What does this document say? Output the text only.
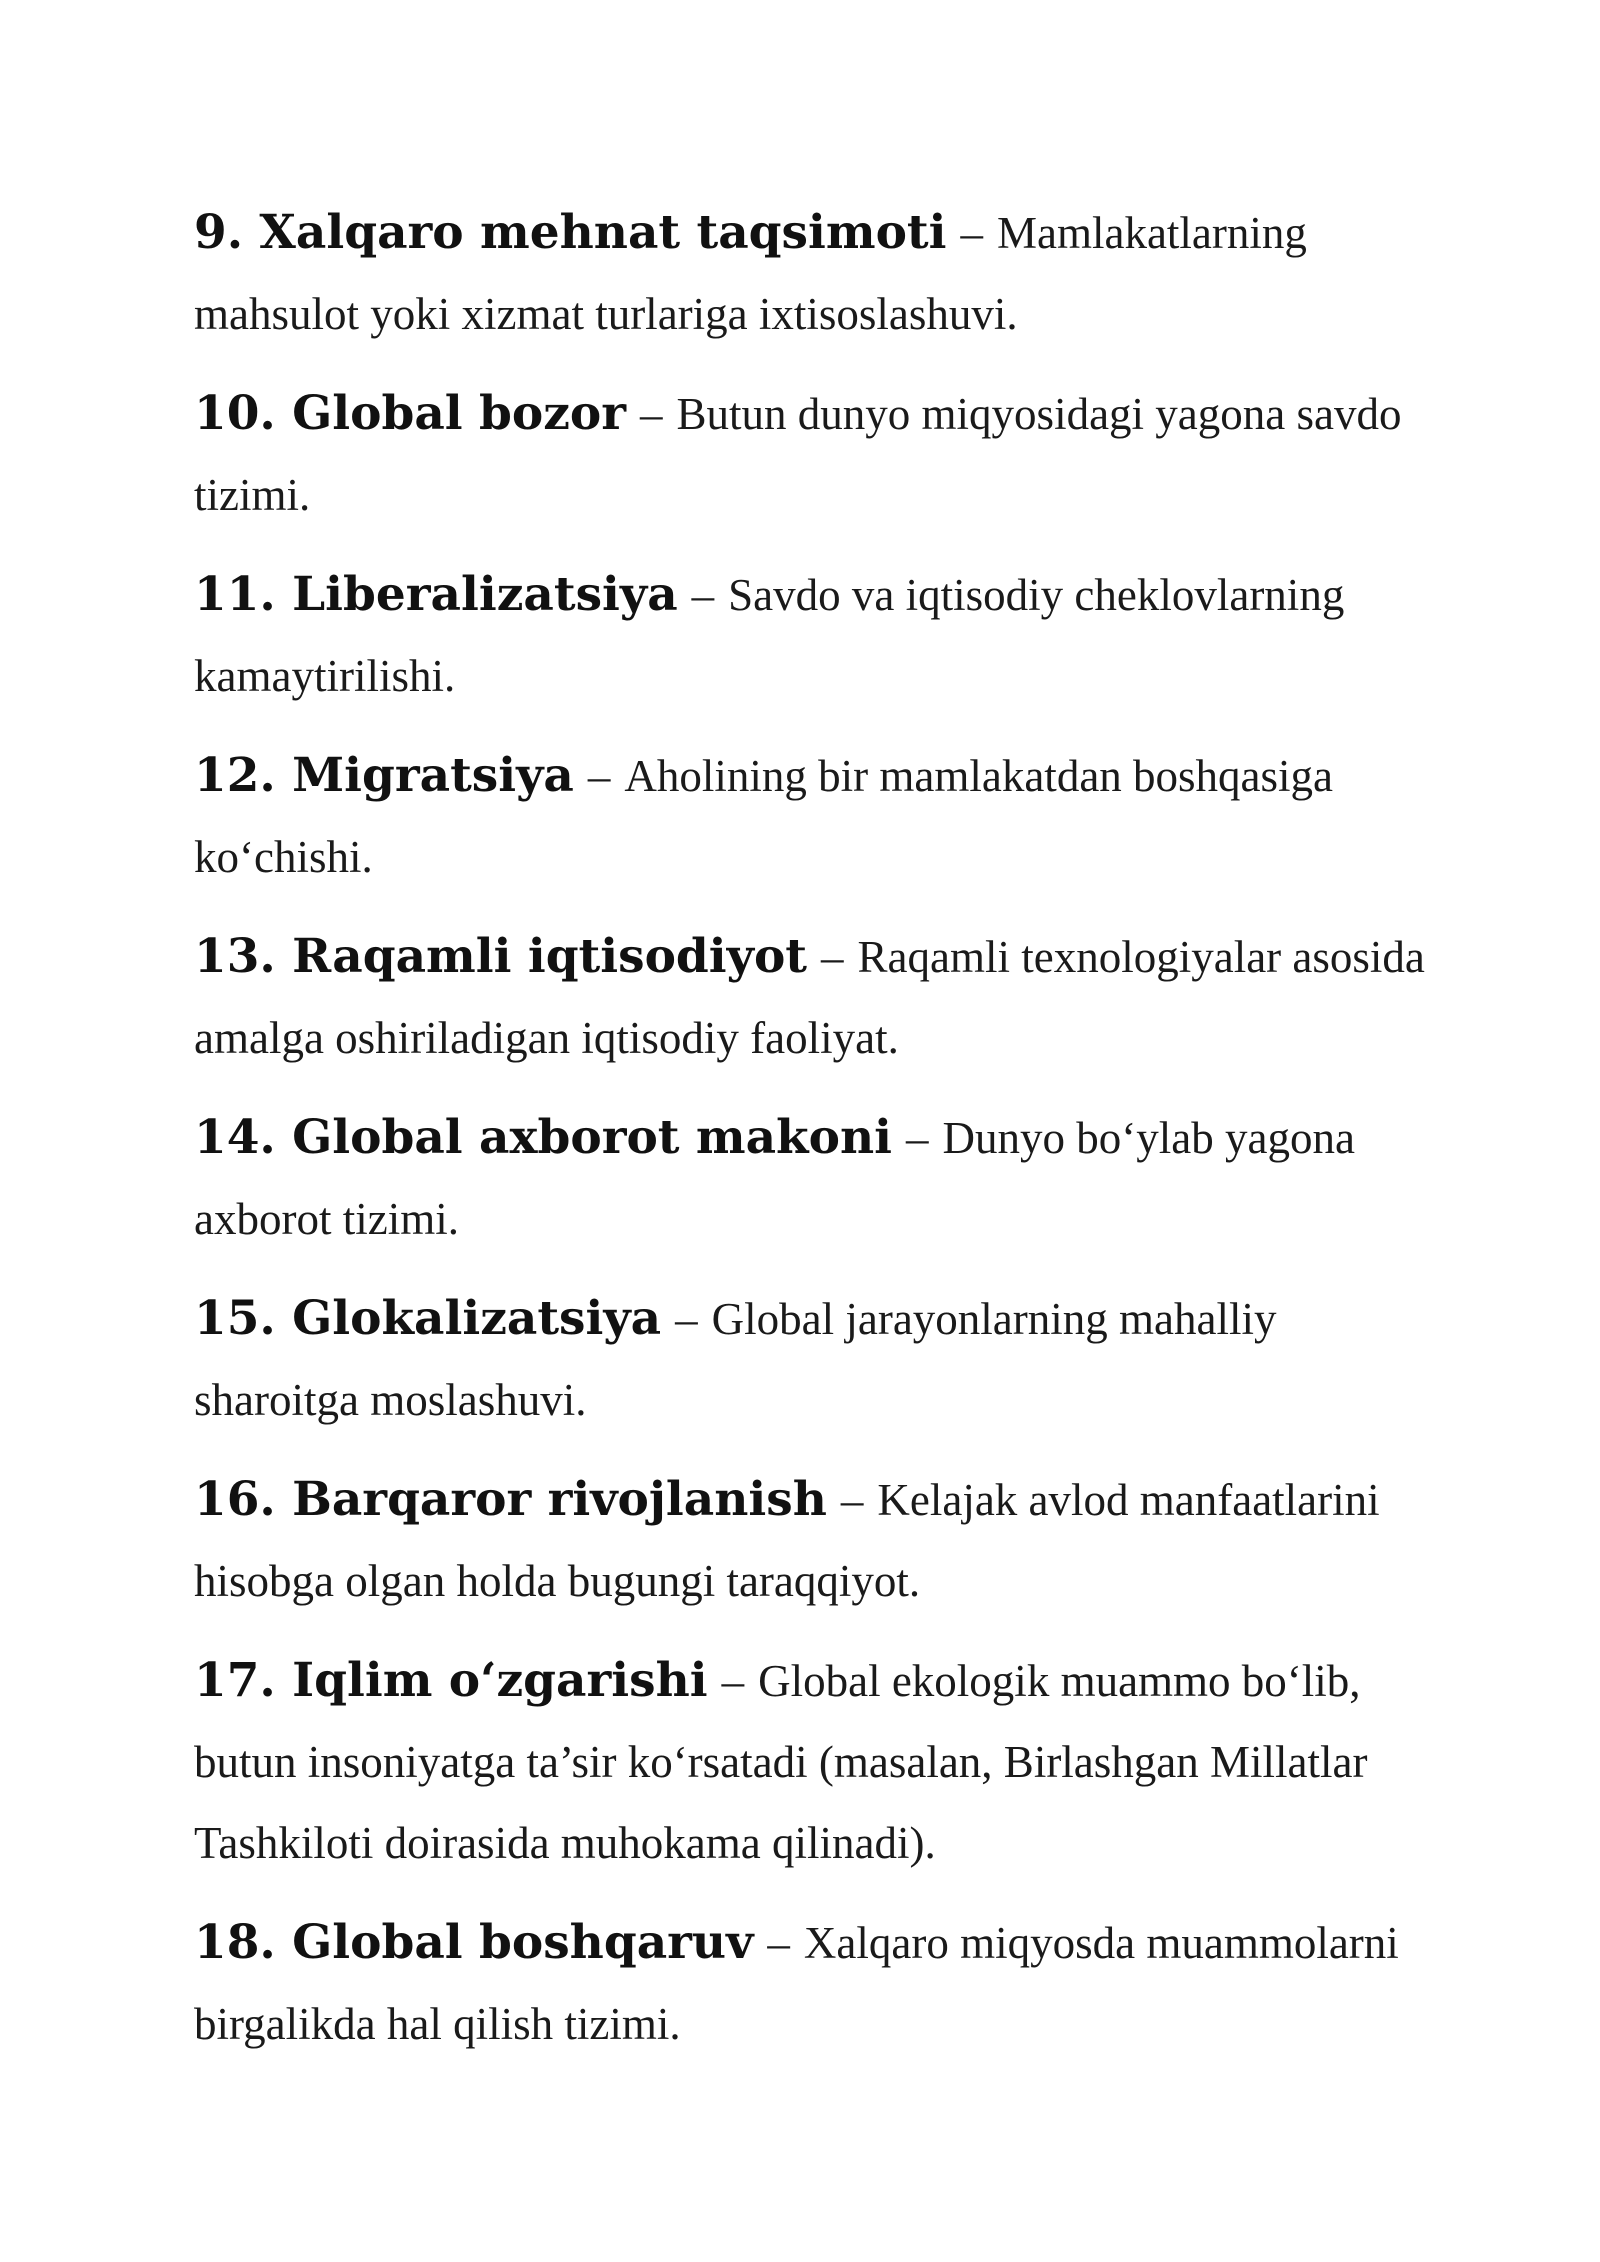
9. Xalqaro mehnat taqsimoti – Mamlakatlarning mahsulot yoki xizmat turlariga ixtisoslashuvi.

10. Global bozor – Butun dunyo miqyosidagi yagona savdo tizimi.

11. Liberalizatsiya – Savdo va iqtisodiy cheklovlarning kamaytirilishi.

12. Migratsiya – Aholining bir mamlakatdan boshqasiga ko‘chishi.

13. Raqamli iqtisodiyot – Raqamli texnologiyalar asosida amalga oshiriladigan iqtisodiy faoliyat.

14. Global axborot makoni – Dunyo bo‘ylab yagona axborot tizimi.

15. Glokalizatsiya – Global jarayonlarning mahalliy sharoitga moslashuvi.

16. Barqaror rivojlanish – Kelajak avlod manfaatlarini hisobga olgan holda bugungi taraqqiyot.

17. Iqlim o‘zgarishi – Global ekologik muammo bo‘lib, butun insoniyatga ta’sir ko‘rsatadi (masalan, Birlashgan Millatlar Tashkiloti doirasida muhokama qilinadi).

18. Global boshqaruv – Xalqaro miqyosda muammolarni birgalikda hal qilish tizimi.
